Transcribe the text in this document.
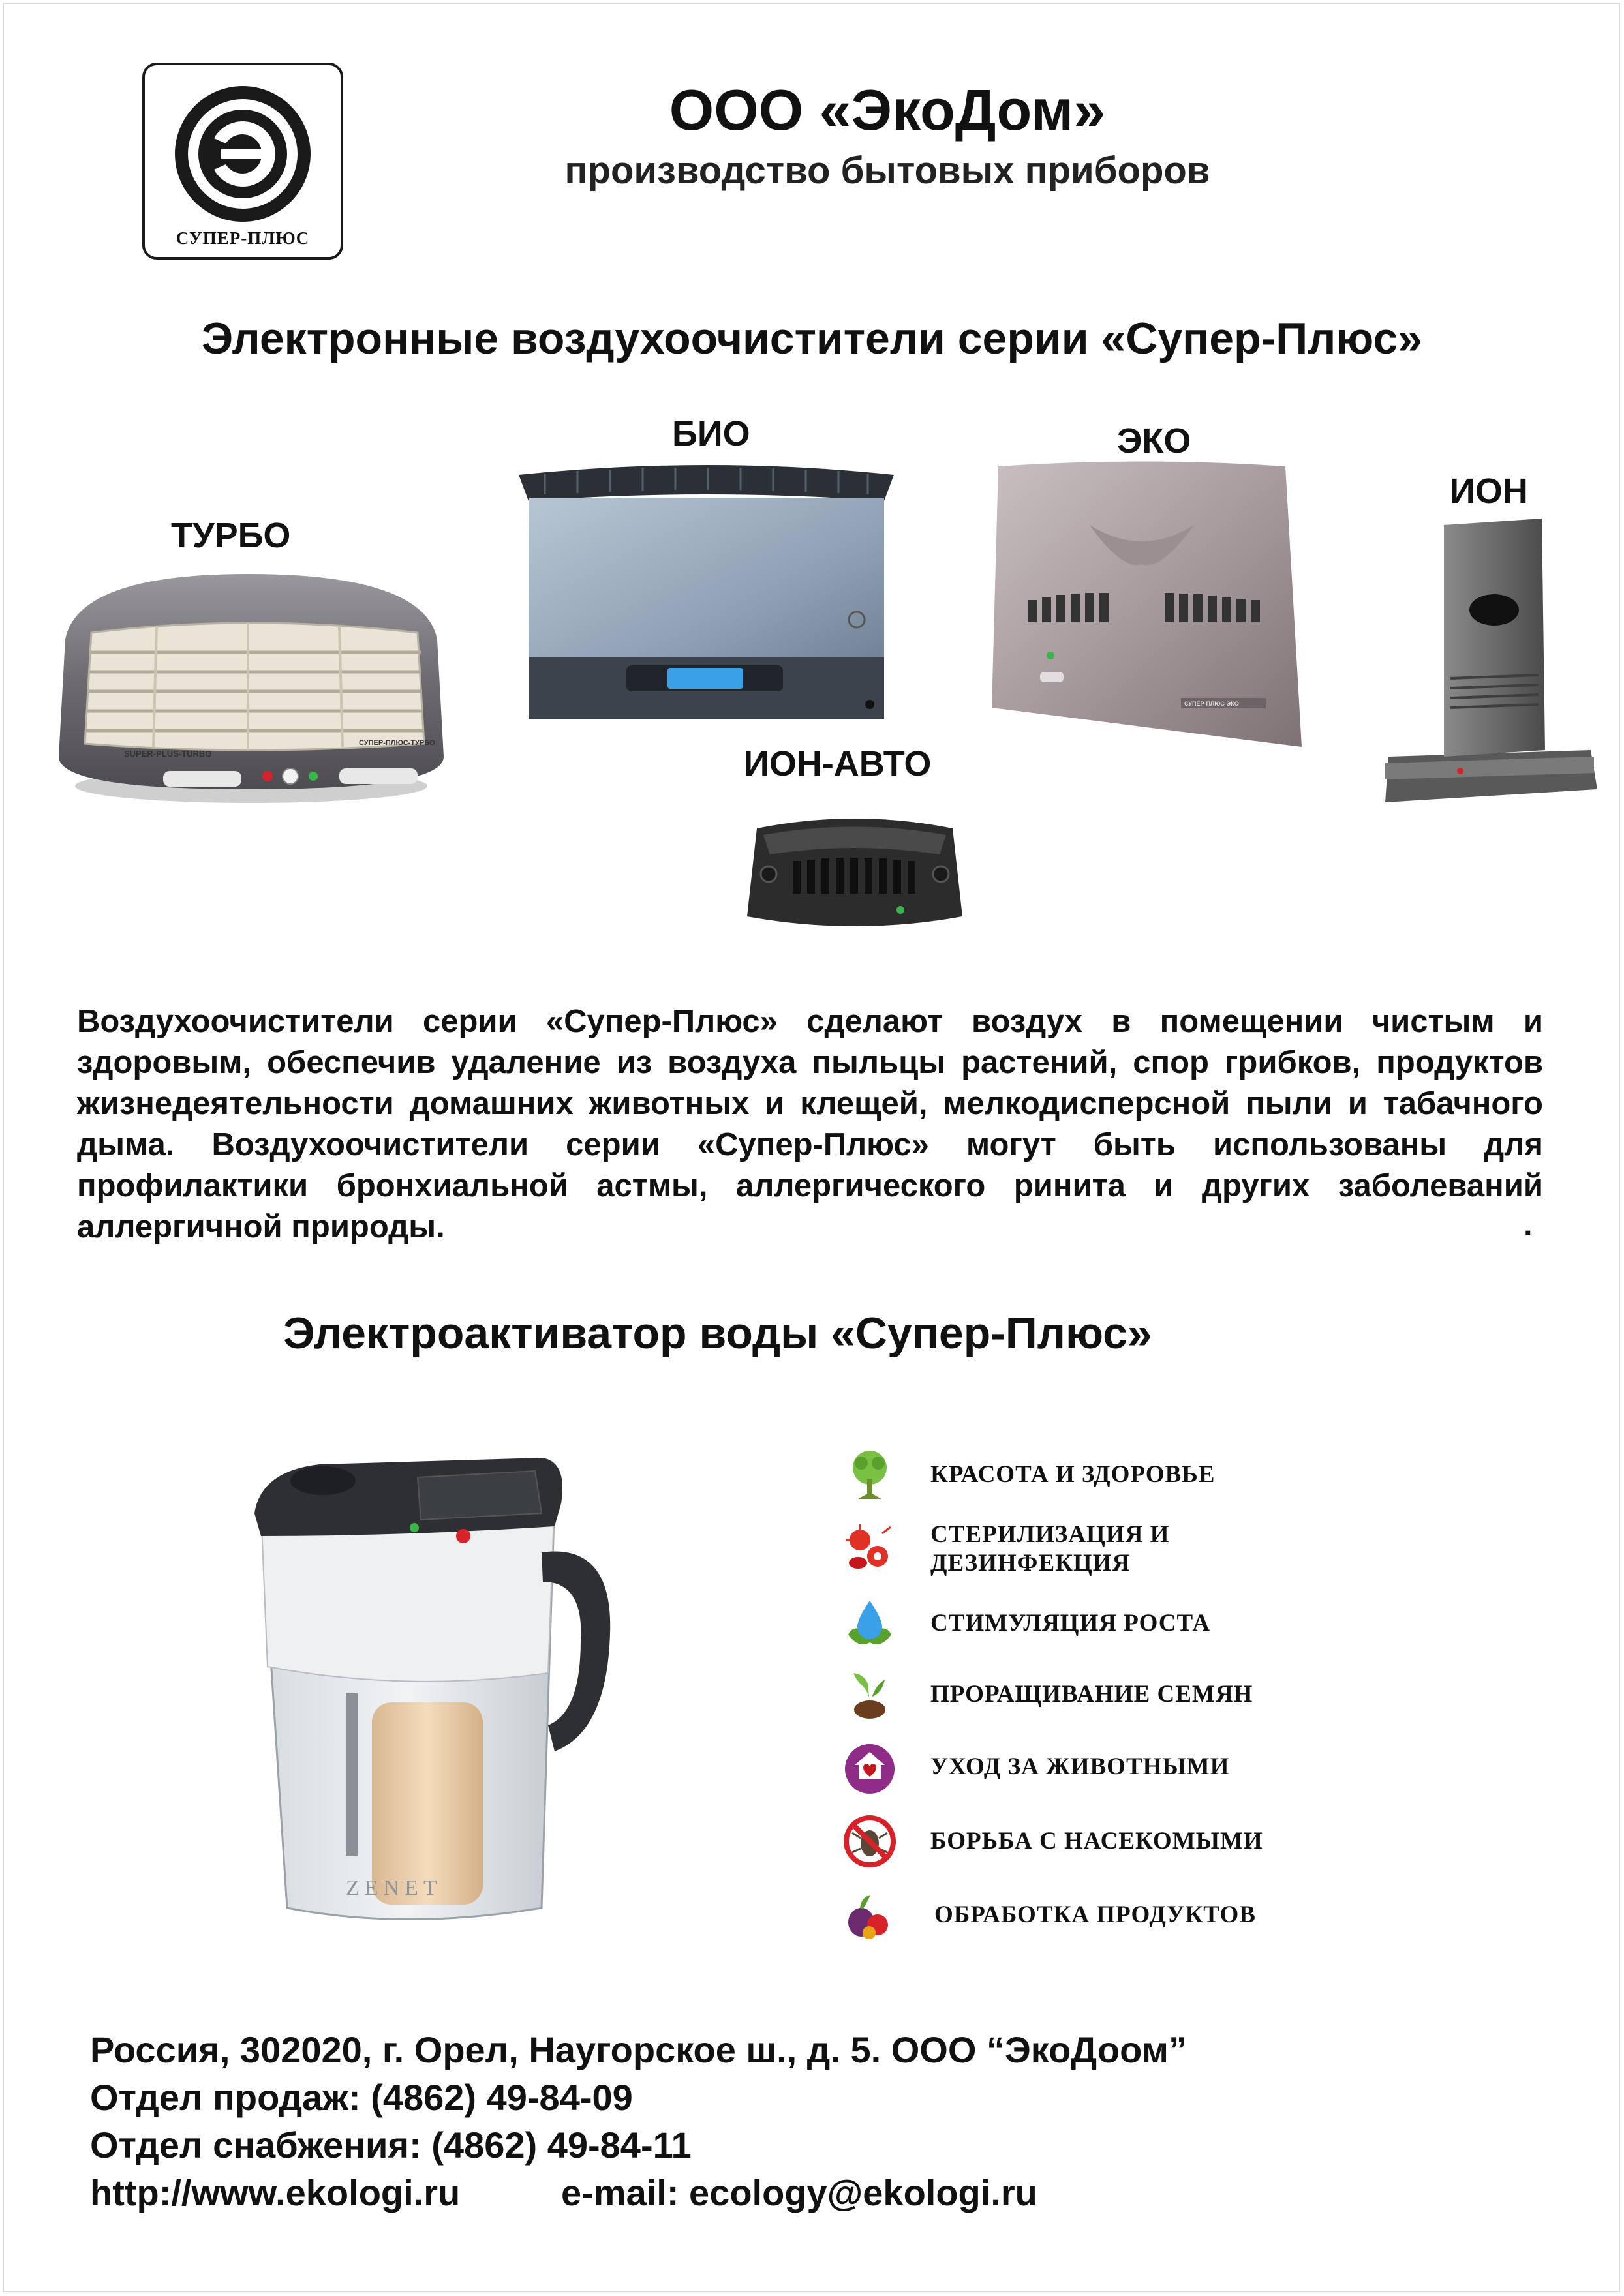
СУПЕР-ПЛЮС
ООО «ЭкоДом»
производство бытовых приборов
Электронные воздухоочистители серии «Супер-Плюс»
ТУРБО
БИО	ЭКО
ИОН
ИОН-АВТО
SUPER-PLUS-TURBO
СУПЕР-ПЛЮС-ТУРБО
СУПЕР-ПЛЮС-ЭКО
Воздухоочистители серии «Супер-Плюс» сделают воздух в помещении чистым и здоровым, обеспечив удаление из воздуха пыльцы растений, спор грибков, продуктов жизнедеятельности домашних животных и клещей, мелкодисперсной пыли и табачного дыма. Воздухоочистители серии «Супер-Плюс» могут быть использованы для профилактики бронхиальной астмы, аллергического ринита и других заболеваний аллергичной природы.	.
Электроактиватор воды «Супер-Плюс»
ZENET
КРАСОТА И ЗДОРОВЬЕ
СТЕРИЛИЗАЦИЯ И
ДЕЗИНФЕКЦИЯ
СТИМУЛЯЦИЯ РОСТА
ПРОРАЩИВАНИЕ СЕМЯН
УХОД ЗА ЖИВОТНЫМИ
БОРЬБА С НАСЕКОМЫМИ
ОБРАБОТКА ПРОДУКТОВ
Россия, 302020, г. Орел, Наугорское ш., д. 5. ООО “ЭкоДоом”
Отдел продаж: (4862) 49-84-09
Отдел снабжения: (4862) 49-84-11
http://www.ekologi.ru	e-mail: ecology@ekologi.ru
